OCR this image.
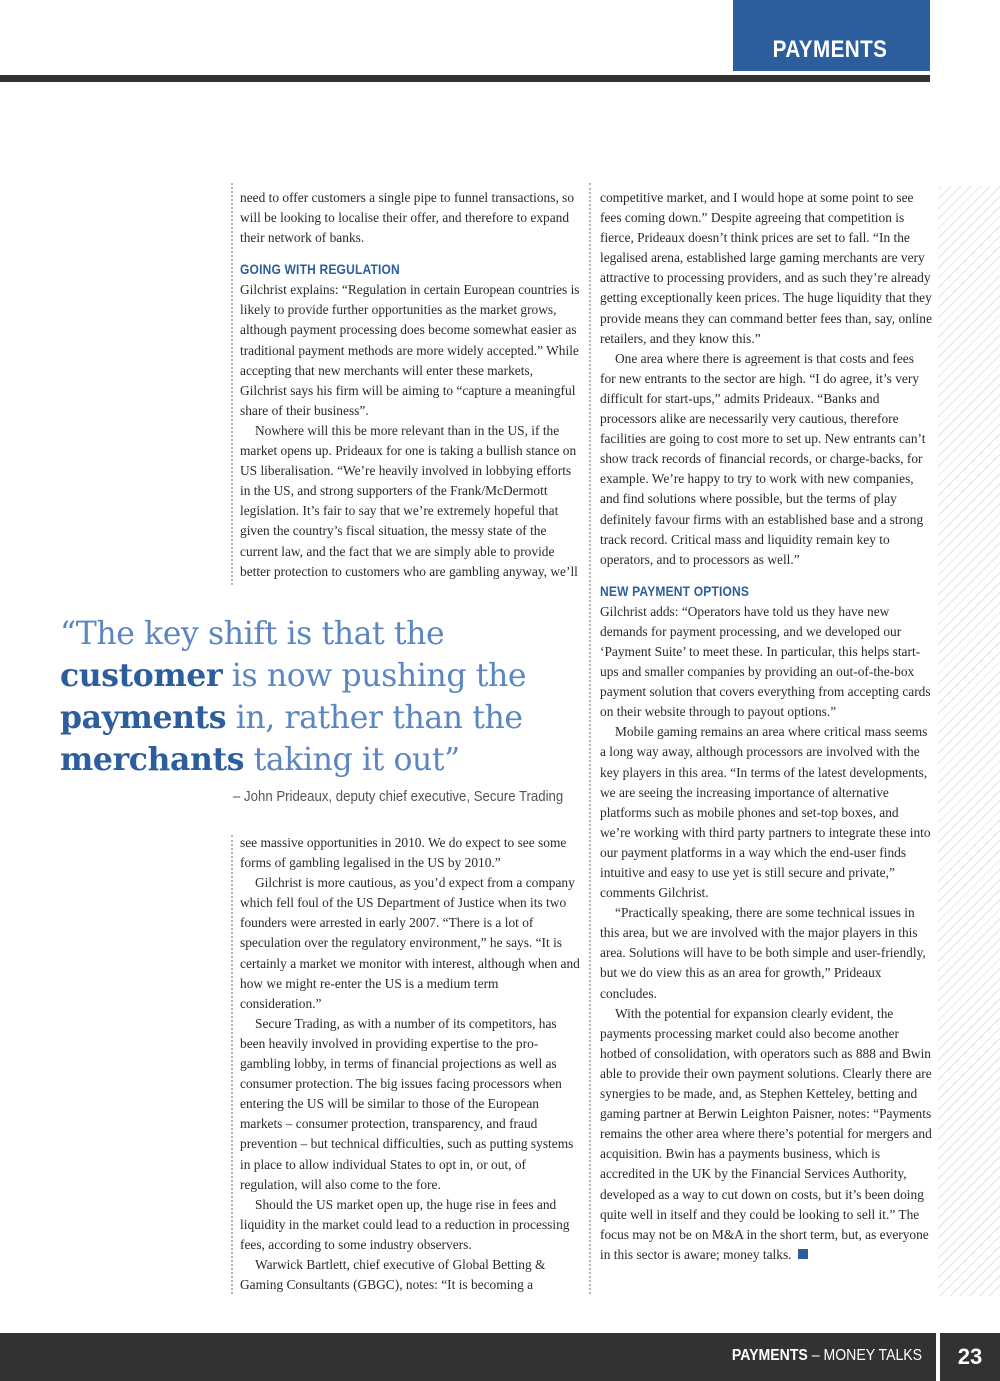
PAYMENTS

need to offer customers a single pipe to funnel transactions, so will be looking to localise their offer, and therefore to expand their network of banks.

GOING WITH REGULATION

Gilchrist explains: “Regulation in certain European countries is likely to provide further opportunities as the market grows, although payment processing does become somewhat easier as traditional payment methods are more widely accepted.” While accepting that new merchants will enter these markets, Gilchrist says his firm will be aiming to “capture a meaningful share of their business”.

Nowhere will this be more relevant than in the US, if the market opens up. Prideaux for one is taking a bullish stance on US liberalisation. “We’re heavily involved in lobbying efforts in the US, and strong supporters of the Frank/McDermott legislation. It’s fair to say that we’re extremely hopeful that given the country’s fiscal situation, the messy state of the current law, and the fact that we are simply able to provide better protection to customers who are gambling anyway, we’ll

“The key shift is that the customer is now pushing the payments in, rather than the merchants taking it out”
– John Prideaux, deputy chief executive, Secure Trading

see massive opportunities in 2010. We do expect to see some forms of gambling legalised in the US by 2010.”

Gilchrist is more cautious, as you’d expect from a company which fell foul of the US Department of Justice when its two founders were arrested in early 2007. “There is a lot of speculation over the regulatory environment,” he says. “It is certainly a market we monitor with interest, although when and how we might re-enter the US is a medium term consideration.”

Secure Trading, as with a number of its competitors, has been heavily involved in providing expertise to the pro-gambling lobby, in terms of financial projections as well as consumer protection. The big issues facing processors when entering the US will be similar to those of the European markets – consumer protection, transparency, and fraud prevention – but technical difficulties, such as putting systems in place to allow individual States to opt in, or out, of regulation, will also come to the fore.

Should the US market open up, the huge rise in fees and liquidity in the market could lead to a reduction in processing fees, according to some industry observers.

Warwick Bartlett, chief executive of Global Betting & Gaming Consultants (GBGC), notes: “It is becoming a

competitive market, and I would hope at some point to see fees coming down.” Despite agreeing that competition is fierce, Prideaux doesn’t think prices are set to fall. “In the legalised arena, established large gaming merchants are very attractive to processing providers, and as such they’re already getting exceptionally keen prices. The huge liquidity that they provide means they can command better fees than, say, online retailers, and they know this.”

One area where there is agreement is that costs and fees for new entrants to the sector are high. “I do agree, it’s very difficult for start-ups,” admits Prideaux. “Banks and processors alike are necessarily very cautious, therefore facilities are going to cost more to set up. New entrants can’t show track records of financial records, or charge-backs, for example. We’re happy to try to work with new companies, and find solutions where possible, but the terms of play definitely favour firms with an established base and a strong track record. Critical mass and liquidity remain key to operators, and to processors as well.”

NEW PAYMENT OPTIONS

Gilchrist adds: “Operators have told us they have new demands for payment processing, and we developed our ‘Payment Suite’ to meet these. In particular, this helps start-ups and smaller companies by providing an out-of-the-box payment solution that covers everything from accepting cards on their website through to payout options.”

Mobile gaming remains an area where critical mass seems a long way away, although processors are involved with the key players in this area. “In terms of the latest developments, we are seeing the increasing importance of alternative platforms such as mobile phones and set-top boxes, and we’re working with third party partners to integrate these into our payment platforms in a way which the end-user finds intuitive and easy to use yet is still secure and private,” comments Gilchrist.

“Practically speaking, there are some technical issues in this area, but we are involved with the major players in this area. Solutions will have to be both simple and user-friendly, but we do view this as an area for growth,” Prideaux concludes.

With the potential for expansion clearly evident, the payments processing market could also become another hotbed of consolidation, with operators such as 888 and Bwin able to provide their own payment solutions. Clearly there are synergies to be made, and, as Stephen Ketteley, betting and gaming partner at Berwin Leighton Paisner, notes: “Payments remains the other area where there’s potential for mergers and acquisition. Bwin has a payments business, which is accredited in the UK by the Financial Services Authority, developed as a way to cut down on costs, but it’s been doing quite well in itself and they could be looking to sell it.” The focus may not be on M&A in the short term, but, as everyone in this sector is aware; money talks.

PAYMENTS – MONEY TALKS	23
